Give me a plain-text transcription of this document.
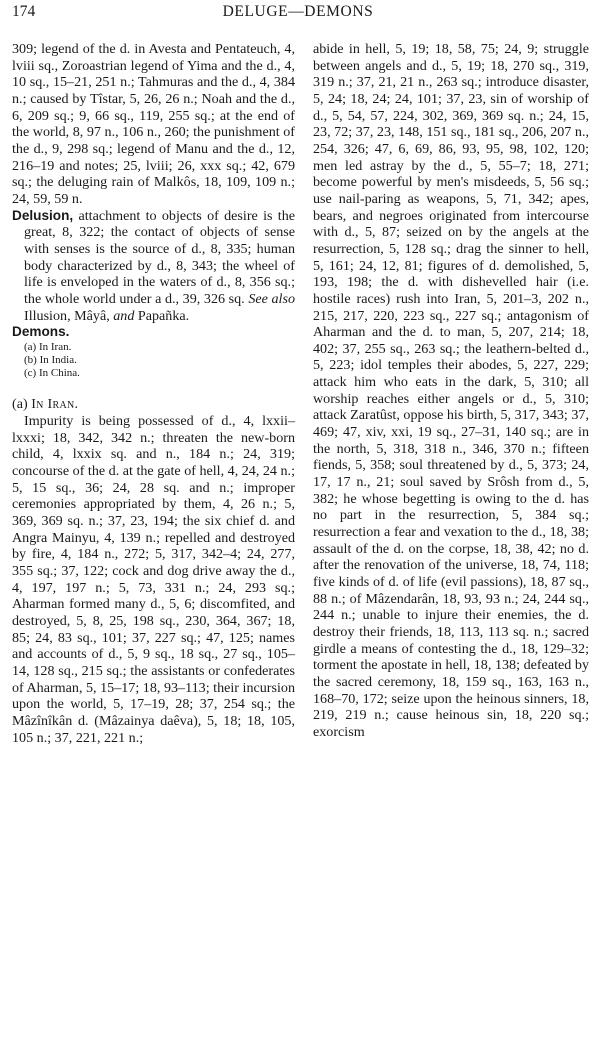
174	DELUGE—DEMONS

309; legend of the d. in Avesta and Pentateuch, 4, lviii sq., Zoroastrian legend of Yima and the d., 4, 10 sq., 15–21, 251 n.; Tahmuras and the d., 4, 384 n.; caused by Tîstar, 5, 26, 26 n.; Noah and the d., 6, 209 sq.; 9, 66 sq., 119, 255 sq.; at the end of the world, 8, 97 n., 106 n., 260; the punishment of the d., 9, 298 sq.; legend of Manu and the d., 12, 216–19 and notes; 25, lviii; 26, xxx sq.; 42, 679 sq.; the deluging rain of Malkôs, 18, 109, 109 n.; 24, 59, 59 n.

Delusion, attachment to objects of desire is the great, 8, 322; the contact of objects of sense with senses is the source of d., 8, 335; human body characterized by d., 8, 343; the wheel of life is enveloped in the waters of d., 8, 356 sq.; the whole world under a d., 39, 326 sq. See also Illusion, Mâyâ, and Papañka.

Demons.

(a) In Iran.
(b) In India.
(c) In China.

(a) In Iran.

Impurity is being possessed of d., 4, lxxii–lxxxi; 18, 342, 342 n.; threaten the new-born child, 4, lxxix sq. and n., 184 n.; 24, 319; concourse of the d. at the gate of hell, 4, 24, 24 n.; 5, 15 sq., 36; 24, 28 sq. and n.; improper ceremonies appropriated by them, 4, 26 n.; 5, 369, 369 sq. n.; 37, 23, 194; the six chief d. and Angra Mainyu, 4, 139 n.; repelled and destroyed by fire, 4, 184 n., 272; 5, 317, 342–4; 24, 277, 355 sq.; 37, 122; cock and dog drive away the d., 4, 197, 197 n.; 5, 73, 331 n.; 24, 293 sq.; Aharman formed many d., 5, 6; discomfited, and destroyed, 5, 8, 25, 198 sq., 230, 364, 367; 18, 85; 24, 83 sq., 101; 37, 227 sq.; 47, 125; names and accounts of d., 5, 9 sq., 18 sq., 27 sq., 105–14, 128 sq., 215 sq.; the assistants or confederates of Aharman, 5, 15–17; 18, 93–113; their incursion upon the world, 5, 17–19, 28; 37, 254 sq.; the Mâzînîkân d. (Mâzainya daêva), 5, 18; 18, 105, 105 n.; 37, 221, 221 n.;

abide in hell, 5, 19; 18, 58, 75; 24, 9; struggle between angels and d., 5, 19; 18, 270 sq., 319, 319 n.; 37, 21, 21 n., 263 sq.; introduce disaster, 5, 24; 18, 24; 24, 101; 37, 23, sin of worship of d., 5, 54, 57, 224, 302, 369, 369 sq. n.; 24, 15, 23, 72; 37, 23, 148, 151 sq., 181 sq., 206, 207 n., 254, 326; 47, 6, 69, 86, 93, 95, 98, 102, 120; men led astray by the d., 5, 55–7; 18, 271; become powerful by men's misdeeds, 5, 56 sq.; use nail-paring as weapons, 5, 71, 342; apes, bears, and negroes originated from intercourse with d., 5, 87; seized on by the angels at the resurrection, 5, 128 sq.; drag the sinner to hell, 5, 161; 24, 12, 81; figures of d. demolished, 5, 193, 198; the d. with dishevelled hair (i.e. hostile races) rush into Iran, 5, 201–3, 202 n., 215, 217, 220, 223 sq., 227 sq.; antagonism of Aharman and the d. to man, 5, 207, 214; 18, 402; 37, 255 sq., 263 sq.; the leathern-belted d., 5, 223; idol temples their abodes, 5, 227, 229; attack him who eats in the dark, 5, 310; all worship reaches either angels or d., 5, 310; attack Zaratûst, oppose his birth, 5, 317, 343; 37, 469; 47, xiv, xxi, 19 sq., 27–31, 140 sq.; are in the north, 5, 318, 318 n., 346, 370 n.; fifteen fiends, 5, 358; soul threatened by d., 5, 373; 24, 17, 17 n., 21; soul saved by Srôsh from d., 5, 382; he whose begetting is owing to the d. has no part in the resurrection, 5, 384 sq.; resurrection a fear and vexation to the d., 18, 38; assault of the d. on the corpse, 18, 38, 42; no d. after the renovation of the universe, 18, 74, 118; five kinds of d. of life (evil passions), 18, 87 sq., 88 n.; of Mâzendarân, 18, 93, 93 n.; 24, 244 sq., 244 n.; unable to injure their enemies, the d. destroy their friends, 18, 113, 113 sq. n.; sacred girdle a means of contesting the d., 18, 129–32; torment the apostate in hell, 18, 138; defeated by the sacred ceremony, 18, 159 sq., 163, 163 n., 168–70, 172; seize upon the heinous sinners, 18, 219, 219 n.; cause heinous sin, 18, 220 sq.; exorcism
